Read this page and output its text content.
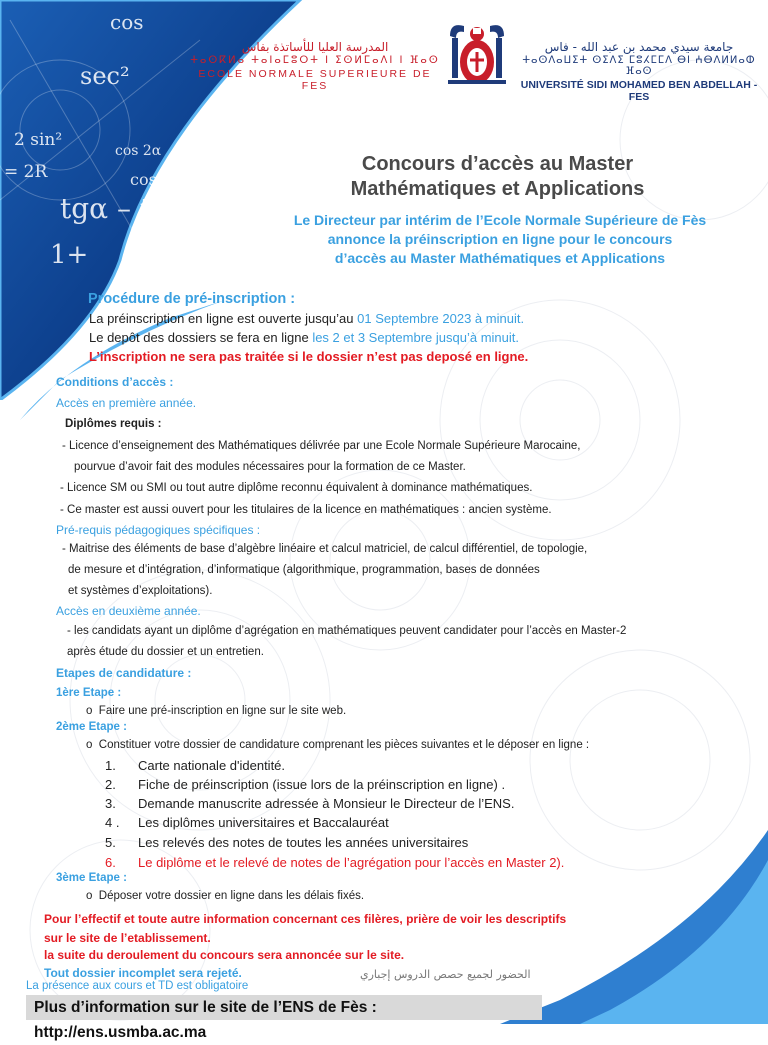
cos
sec²
2 sin²
cos 2α
= 2R	cos 2α =
tgα – tg
1+
المدرسة العليا للأساتذة بفاس
ⵜⴰⵙⴽⵍⴰ ⵜⴰⵏⴰⵎⵓⵔⵜ ⵏ ⵉⵙⵍⵎⴰⴷⵏ ⵏ ⴼⴰⵙ
ECOLE NORMALE SUPERIEURE DE FES
جامعة سيدي محمد بن عبد الله - فاس
ⵜⴰⵙⴷⴰⵡⵉⵜ ⵙⵉⴷⵉ ⵎⵓⵃⵎⵎⴷ ⴱⵏ ⵄⴱⴷⵍⵍⴰⵀ ⴼⴰⵙ
UNIVERSITÉ SIDI MOHAMED BEN ABDELLAH - FES
Concours d’accès au Master
Mathématiques et Applications
Le Directeur par intérim de l’Ecole Normale Supérieure de Fès
annonce la préinscription en ligne pour le concours
d’accès au Master Mathématiques et Applications
Procédure de pré-inscription :
La préinscription en ligne est ouverte jusqu’au 01 Septembre 2023 à minuit.
Le depôt des dossiers se fera en ligne les 2 et 3 Septembre jusqu’à minuit.
L’inscription ne sera pas traitée si le dossier n’est pas deposé en ligne.
Conditions d’accès :
Accès en première année.
Diplômes requis :
- Licence d’enseignement des Mathématiques délivrée par une Ecole Normale Supérieure Marocaine,
pourvue d’avoir fait des modules nécessaires pour la formation de ce Master.
- Licence SM ou SMI ou tout autre diplôme reconnu équivalent à dominance mathématiques.
- Ce master est aussi ouvert pour les titulaires de la licence en mathématiques : ancien système.
Pré-requis pédagogiques spécifiques :
- Maitrise des éléments de base d’algèbre linéaire et calcul matriciel, de calcul différentiel, de topologie,
de mesure et d’intégration, d’informatique (algorithmique, programmation, bases de données
et systèmes d’exploitations).
Accès en deuxième année.
- les candidats ayant un diplôme d’agrégation en mathématiques peuvent candidater pour l’accès en Master-2
après étude du dossier et un entretien.
Etapes de candidature :
1ère Etape :
o  Faire une pré-inscription en ligne sur le site web.
2ème Etape :
o  Constituer votre dossier de candidature comprenant les pièces suivantes et le déposer en ligne :
1. Carte nationale d'identité.
2. Fiche de préinscription (issue lors de la préinscription en ligne) .
3. Demande manuscrite adressée à Monsieur le Directeur de l’ENS.
4 . Les diplômes universitaires et Baccalauréat
5. Les relevés des notes de toutes les années universitaires
6. Le diplôme et le relevé de notes de l’agrégation pour l’accès en Master 2).
3ème Etape :
o  Déposer votre dossier en ligne dans les délais fixés.
Pour l’effectif et toute autre information concernant ces filères, prière de voir les descriptifs
sur le site de l’etablissement.
la suite du deroulement du concours sera annoncée sur le site.
Tout dossier incomplet sera rejeté.
La présence aux cours et TD est obligatoire
الحضور لجميع حصص الدروس إجباري
Plus d’information sur le site de l’ENS de Fès : http://ens.usmba.ac.ma
